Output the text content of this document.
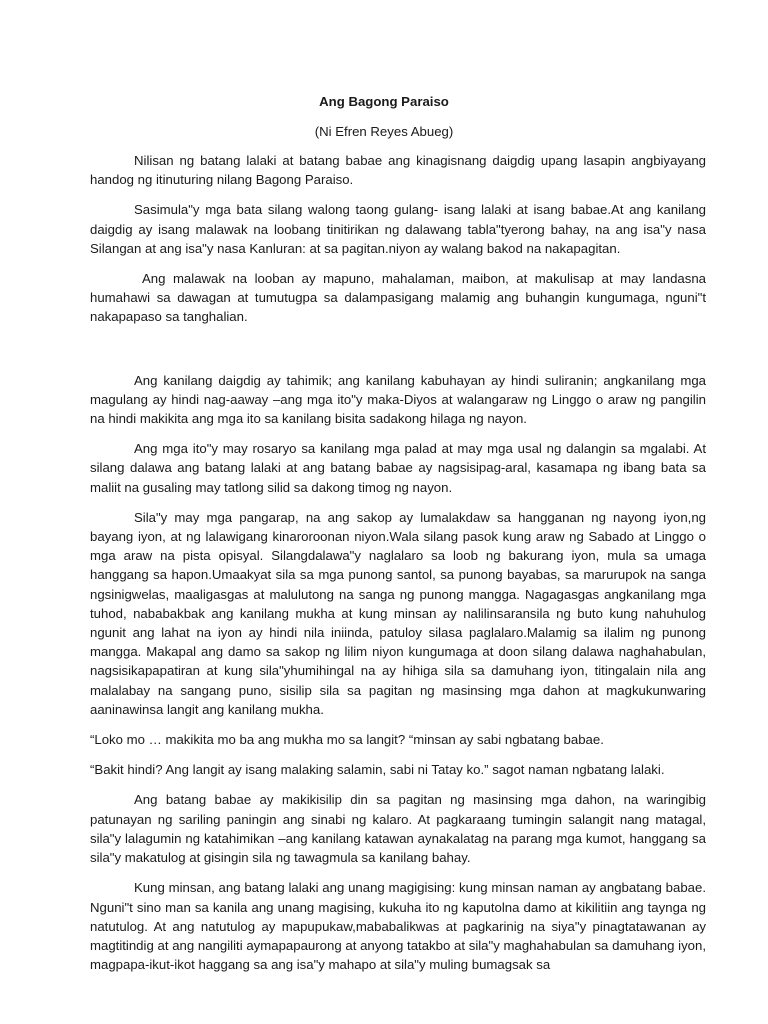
Ang Bagong Paraiso
(Ni Efren Reyes Abueg)

Nilisan ng batang lalaki at batang babae ang kinagisnang daigdig upang lasapin angbiyayang handog ng itinuturing nilang Bagong Paraiso.

Sasimula"y mga bata silang walong taong gulang- isang lalaki at isang babae.At ang kanilang daigdig ay isang malawak na loobang tinitirikan ng dalawang tabla"tyerong bahay, na ang isa"y nasa Silangan at ang isa"y nasa Kanluran: at sa pagitan.niyon ay walang bakod na nakapagitan.

Ang malawak na looban ay mapuno, mahalaman, maibon, at makulisap at may landasna humahawi sa dawagan at tumutugpa sa dalampasigang malamig ang buhangin kungumaga, nguni"t nakapapaso sa tanghalian.

Ang kanilang daigdig ay tahimik; ang kanilang kabuhayan ay hindi suliranin; angkanilang mga magulang ay hindi nag-aaway –ang mga ito"y maka-Diyos at walangaraw ng Linggo o araw ng pangilin na hindi makikita ang mga ito sa kanilang bisita sadakong hilaga ng nayon.

Ang mga ito"y may rosaryo sa kanilang mga palad at may mga usal ng dalangin sa mgalabi. At silang dalawa ang batang lalaki at ang batang babae ay nagsisipag-aral, kasamapa ng ibang bata sa maliit na gusaling may tatlong silid sa dakong timog ng nayon.

Sila"y may mga pangarap, na ang sakop ay lumalakdaw sa hangganan ng nayong iyon,ng bayang iyon, at ng lalawigang kinaroroonan niyon.Wala silang pasok kung araw ng Sabado at Linggo o mga araw na pista opisyal. Silangdalawa"y naglalaro sa loob ng bakurang iyon, mula sa umaga hanggang sa hapon.Umaakyat sila sa mga punong santol, sa punong bayabas, sa marurupok na sanga ngsinigwelas, maaligasgas at malulutong na sanga ng punong mangga. Nagagasgas angkanilang mga tuhod, nababakbak ang kanilang mukha at kung minsan ay nalilinsaransila ng buto kung nahuhulog ngunit ang lahat na iyon ay hindi nila iniinda, patuloy silasa paglalaro.Malamig sa ilalim ng punong mangga. Makapal ang damo sa sakop ng lilim niyon kungumaga at doon silang dalawa naghahabulan, nagsisikapapatiran at kung sila"yhumihingal na ay hihiga sila sa damuhang iyon, titingalain nila ang malalabay na sangang puno, sisilip sila sa pagitan ng masinsing mga dahon at magkukunwaring aaninawinsa langit ang kanilang mukha.

“Loko mo … makikita mo ba ang mukha mo sa langit? “minsan ay sabi ngbatang babae.

“Bakit hindi? Ang langit ay isang malaking salamin, sabi ni Tatay ko.” sagot naman ngbatang lalaki.

Ang batang babae ay makikisilip din sa pagitan ng masinsing mga dahon, na waringibig patunayan ng sariling paningin ang sinabi ng kalaro. At pagkaraang tumingin salangit nang matagal, sila"y lalagumin ng katahimikan –ang kanilang katawan aynakalatag na parang mga kumot, hanggang sa sila"y makatulog at gisingin sila ng tawagmula sa kanilang bahay.

Kung minsan, ang batang lalaki ang unang magigising: kung minsan naman ay angbatang babae. Nguni"t sino man sa kanila ang unang magising, kukuha ito ng kaputolna damo at kikilitiin ang taynga ng natutulog. At ang natutulog ay mapupukaw,mababalikwas at pagkarinig na siya"y pinagtatawanan ay magtitindig at ang nangiliti aymapapaurong at anyong tatakbo at sila"y maghahabulan sa damuhang iyon, magpapa-ikut-ikot haggang sa ang isa"y mahapo at sila"y muling bumagsak sa
